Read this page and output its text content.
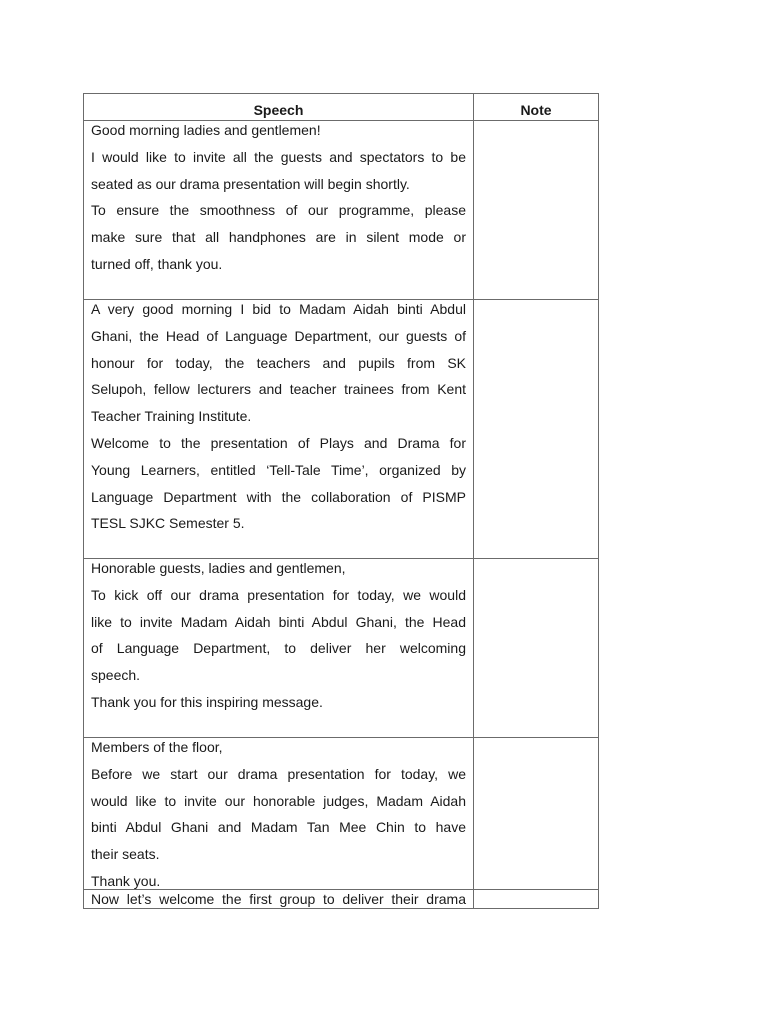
Speech	Note
Good morning ladies and gentlemen!
I would like to invite all the guests and spectators to be
seated as our drama presentation will begin shortly.
To ensure the smoothness of our programme, please
make sure that all handphones are in silent mode or
turned off, thank you.
A very good morning I bid to Madam Aidah binti Abdul
Ghani, the Head of Language Department, our guests of
honour for today, the teachers and pupils from SK
Selupoh, fellow lecturers and teacher trainees from Kent
Teacher Training Institute.
Welcome to the presentation of Plays and Drama for
Young Learners, entitled ‘Tell-Tale Time’, organized by
Language Department with the collaboration of PISMP
TESL SJKC Semester 5.
Honorable guests, ladies and gentlemen,
To kick off our drama presentation for today, we would
like to invite Madam Aidah binti Abdul Ghani, the Head
of Language Department, to deliver her welcoming
speech.
Thank you for this inspiring message.
Members of the floor,
Before we start our drama presentation for today, we
would like to invite our honorable judges, Madam Aidah
binti Abdul Ghani and Madam Tan Mee Chin to have
their seats.
Thank you.
Now let’s welcome the first group to deliver their drama
